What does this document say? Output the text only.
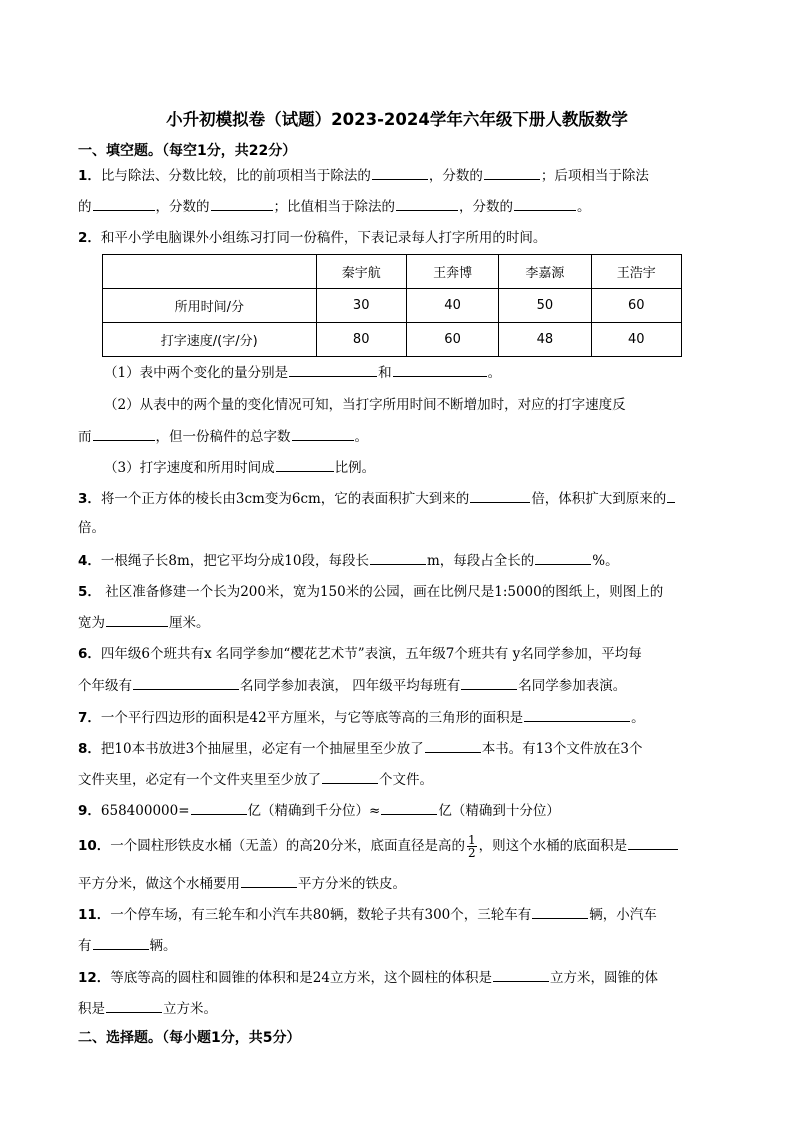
小升初模拟卷（试题）2023-2024学年六年级下册人教版数学
一、填空题。（每空1分，共22分）
1．比与除法、分数比较，比的前项相当于除法的	，分数的	；后项相当于除法
的	，分数的	；比值相当于除法的	，分数的	。
2．和平小学电脑课外小组练习打同一份稿件，下表记录每人打字所用的时间。
	秦宇航	王奔博	李嘉源	王浩宇
所用时间/分	30	40	50	60
打字速度/(字/分)	80	60	48	40
（1）表中两个变化的量分别是	和	。
（2）从表中的两个量的变化情况可知，当打字所用时间不断增加时，对应的打字速度反
而	，但一份稿件的总字数	。
（3）打字速度和所用时间成	比例。
3．将一个正方体的棱长由3cm变为6cm，它的表面积扩大到来的	倍，体积扩大到原来的
倍。
4．一根绳子长8m，把它平均分成10段，每段长	m，每段占全长的	%。
5． 社区准备修建一个长为200米，宽为150米的公园，画在比例尺是1:5000的图纸上，则图上的
宽为	厘米。
6．四年级6个班共有x 名同学参加“樱花艺术节”表演，五年级7个班共有 y名同学参加，平均每
个年级有	名同学参加表演， 四年级平均每班有	名同学参加表演。
7．一个平行四边形的面积是42平方厘米，与它等底等高的三角形的面积是	。
8．把10本书放进3个抽屉里，必定有一个抽屉里至少放了	本书。有13个文件放在3个
文件夹里，必定有一个文件夹里至少放了	个文件。
9．658400000=	亿（精确到千分位）≈	亿（精确到十分位）
10．一个圆柱形铁皮水桶（无盖）的高20分米，底面直径是高的 $\frac{1}{2}$ ，则这个水桶的底面积是
平方分米，做这个水桶要用	平方分米的铁皮。
11．一个停车场，有三轮车和小汽车共80辆，数轮子共有300个，三轮车有	辆，小汽车
有	辆。
12．等底等高的圆柱和圆锥的体积和是24立方米，这个圆柱的体积是	立方米，圆锥的体
积是	立方米。
二、选择题。（每小题1分，共5分）
